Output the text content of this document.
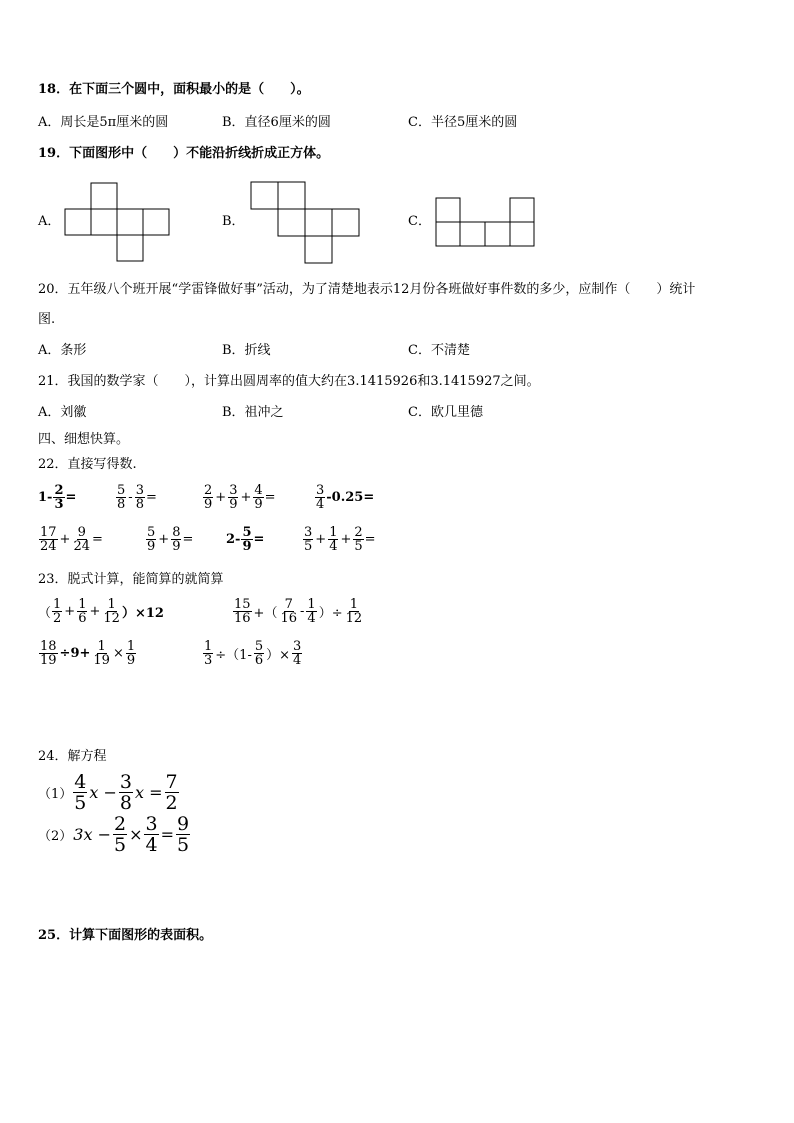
18．在下面三个圆中，面积最小的是（　　）。
A．周长是5π厘米的圆	B．直径6厘米的圆	C．半径5厘米的圆
19．下面图形中（　　）不能沿折线折成正方体。
A．	B．	C．
20．五年级八个班开展“学雷锋做好事”活动，为了清楚地表示12月份各班做好事件数的多少，应制作（　　）统计
图.
A．条形	B．折线	C．不清楚
21．我国的数学家（　　），计算出圆周率的值大约在3.1415926和3.1415927之间。
A．刘徽	B．祖冲之	C．欧几里德
四、细想快算。
22．直接写得数.
$1- \frac{2}{3}$ =	$\frac{5}{8} - \frac{3}{8}$ =	$\frac{2}{9} + \frac{3}{9} + \frac{4}{9}$ =	$\frac{3}{4} -0.25=$
$\frac{17}{24} + \frac{9}{24}$ =	$\frac{5}{9} + \frac{8}{9}$ =	$2- \frac{5}{9}$ =	$\frac{3}{5} + \frac{1}{4} + \frac{2}{5}$ =
23．脱式计算，能简算的就简算
（ $\frac{1}{2} + \frac{1}{6} + \frac{1}{12} )\times 12$	$\frac{15}{16}$ +（ $\frac{7}{16} - \frac{1}{4}$ ）÷ $\frac{1}{12}$
$\frac{18}{19} \div 9+ \frac{1}{19} \times \frac{1}{9}$	$\frac{1}{3} \div(1- \frac{5}{6}$ ）× $\frac{3}{4}$
24．解方程
$(1) \frac{4}{5}$ $x - \frac{3}{8}$ $x = \frac{7}{2}$
（2） $3x - \frac{2}{5} \times \frac{3}{4} = \frac{9}{5}$
25．计算下面图形的表面积。
